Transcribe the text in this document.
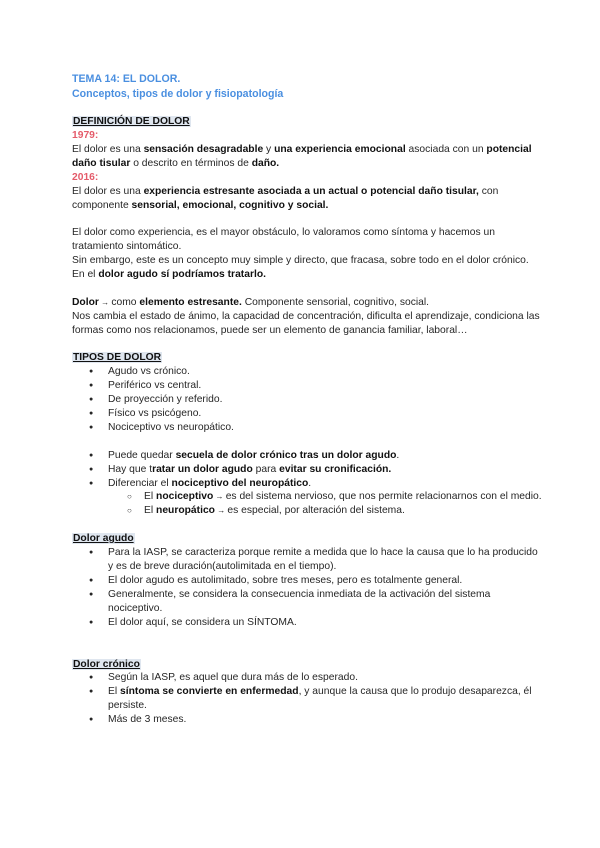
TEMA 14: EL DOLOR.
Conceptos, tipos de dolor y fisiopatología
DEFINICIÓN DE DOLOR
1979:

El dolor es una sensación desagradable y una experiencia emocional asociada con un potencial daño tisular o descrito en términos de daño.

2016:

El dolor es una experiencia estresante asociada a un actual o potencial daño tisular, con componente sensorial, emocional, cognitivo y social.

El dolor como experiencia, es el mayor obstáculo, lo valoramos como síntoma y hacemos un tratamiento sintomático.

Sin embargo, este es un concepto muy simple y directo, que fracasa, sobre todo en el dolor crónico. En el dolor agudo sí podríamos tratarlo.

Dolor → como elemento estresante. Componente sensorial, cognitivo, social.

Nos cambia el estado de ánimo, la capacidad de concentración, dificulta el aprendizaje, condiciona las formas como nos relacionamos, puede ser un elemento de ganancia familiar, laboral…

TIPOS DE DOLOR
● Agudo vs crónico.
● Periférico vs central.
● De proyección y referido.
● Físico vs psicógeno.
● Nociceptivo vs neuropático.
● Puede quedar secuela de dolor crónico tras un dolor agudo.
● Hay que tratar un dolor agudo para evitar su cronificación.
● Diferenciar el nociceptivo del neuropático.
○ El nociceptivo → es del sistema nervioso, que nos permite relacionarnos con el medio.
○ El neuropático → es especial, por alteración del sistema.
Dolor agudo
● Para la IASP, se caracteriza porque remite a medida que lo hace la causa que lo ha producido y es de breve duración(autolimitada en el tiempo).
● El dolor agudo es autolimitado, sobre tres meses, pero es totalmente general.
● Generalmente, se considera la consecuencia inmediata de la activación del sistema nociceptivo.
● El dolor aquí, se considera un SÍNTOMA.
Dolor crónico
● Según la IASP, es aquel que dura más de lo esperado.
● El síntoma se convierte en enfermedad, y aunque la causa que lo produjo desaparezca, él persiste.
● Más de 3 meses.
